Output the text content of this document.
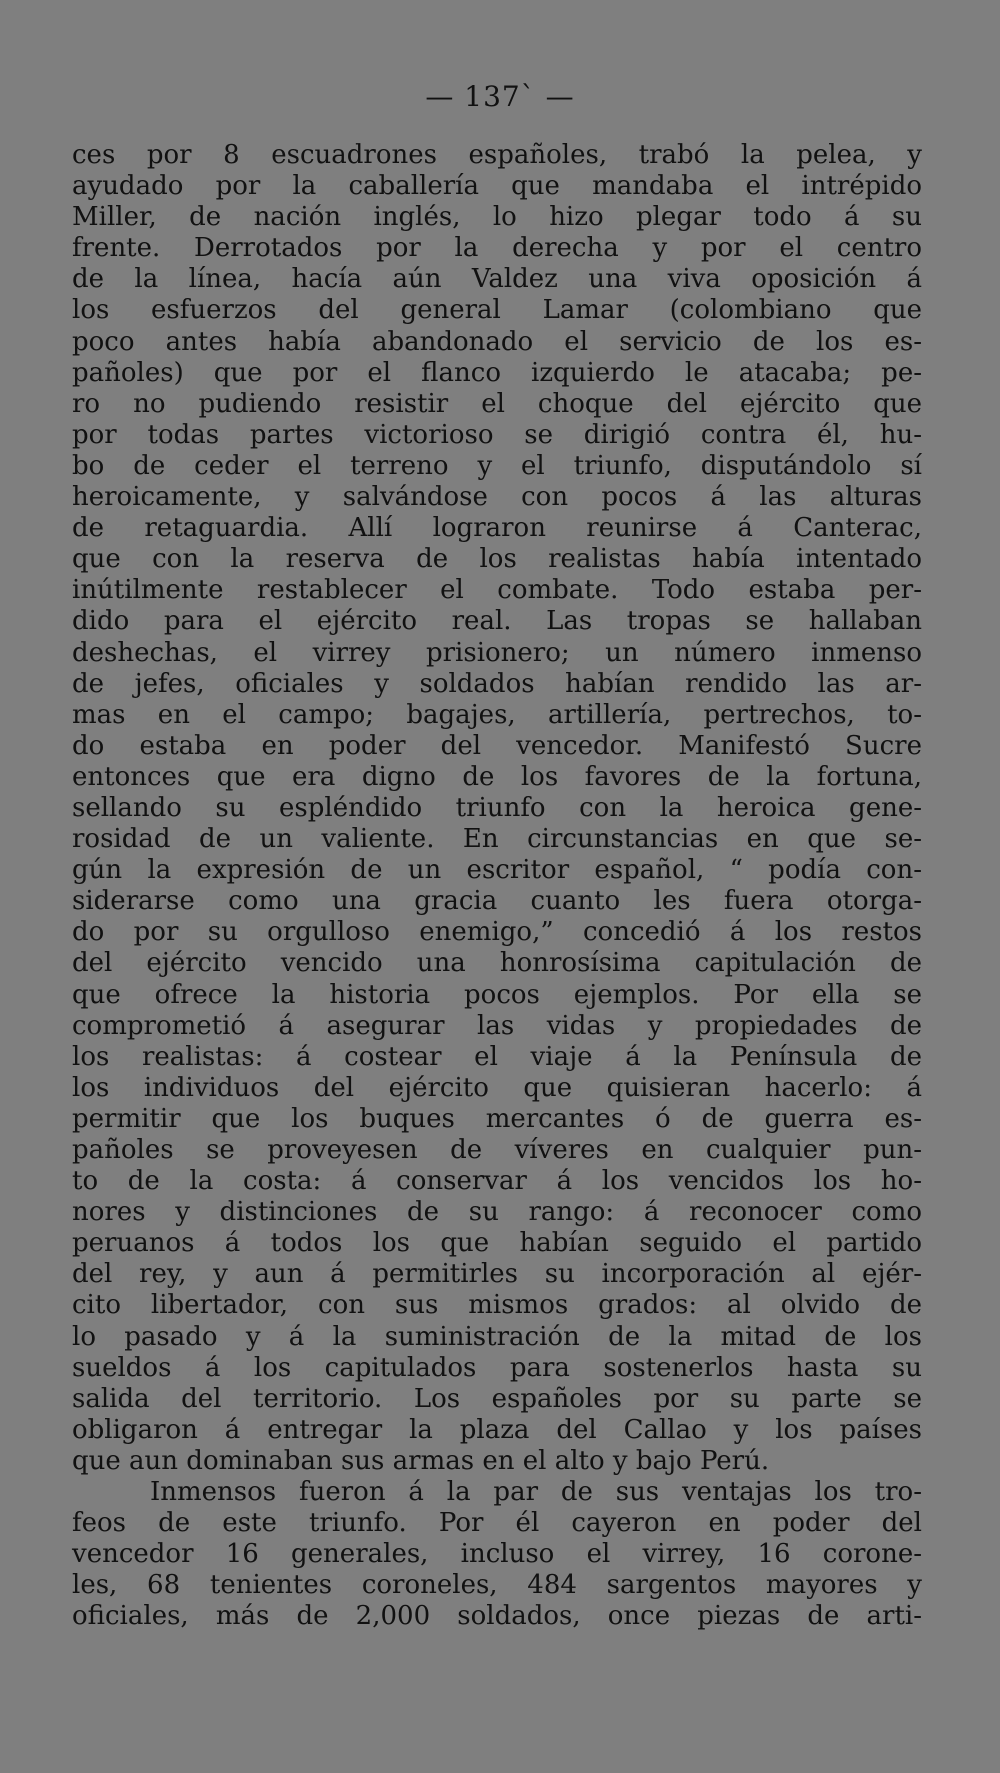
— 137` —
ces por 8 escuadrones españoles, trabó la pelea, y
ayudado por la caballería que mandaba el intrépido
Miller, de nación inglés, lo hizo plegar todo á su
frente. Derrotados por la derecha y por el centro
de la línea, hacía aún Valdez una viva oposición á
los esfuerzos del general Lamar (colombiano que
poco antes había abandonado el servicio de los es-
pañoles) que por el flanco izquierdo le atacaba; pe-
ro no pudiendo resistir el choque del ejército que
por todas partes victorioso se dirigió contra él, hu-
bo de ceder el terreno y el triunfo, disputándolo sí
heroicamente, y salvándose con pocos á las alturas
de retaguardia. Allí lograron reunirse á Canterac,
que con la reserva de los realistas había intentado
inútilmente restablecer el combate. Todo estaba per-
dido para el ejército real. Las tropas se hallaban
deshechas, el virrey prisionero; un número inmenso
de jefes, oficiales y soldados habían rendido las ar-
mas en el campo; bagajes, artillería, pertrechos, to-
do estaba en poder del vencedor. Manifestó Sucre
entonces que era digno de los favores de la fortuna,
sellando su espléndido triunfo con la heroica gene-
rosidad de un valiente. En circunstancias en que se-
gún la expresión de un escritor español, “ podía con-
siderarse como una gracia cuanto les fuera otorga-
do por su orgulloso enemigo,” concedió á los restos
del ejército vencido una honrosísima capitulación de
que ofrece la historia pocos ejemplos. Por ella se
comprometió á asegurar las vidas y propiedades de
los realistas: á costear el viaje á la Península de
los individuos del ejército que quisieran hacerlo: á
permitir que los buques mercantes ó de guerra es-
pañoles se proveyesen de víveres en cualquier pun-
to de la costa: á conservar á los vencidos los ho-
nores y distinciones de su rango: á reconocer como
peruanos á todos los que habían seguido el partido
del rey, y aun á permitirles su incorporación al ejér-
cito libertador, con sus mismos grados: al olvido de
lo pasado y á la suministración de la mitad de los
sueldos á los capitulados para sostenerlos hasta su
salida del territorio. Los españoles por su parte se
obligaron á entregar la plaza del Callao y los países
que aun dominaban sus armas en el alto y bajo Perú.
Inmensos fueron á la par de sus ventajas los tro-
feos de este triunfo. Por él cayeron en poder del
vencedor 16 generales, incluso el virrey, 16 corone-
les, 68 tenientes coroneles, 484 sargentos mayores y
oficiales, más de 2,000 soldados, once piezas de arti-
